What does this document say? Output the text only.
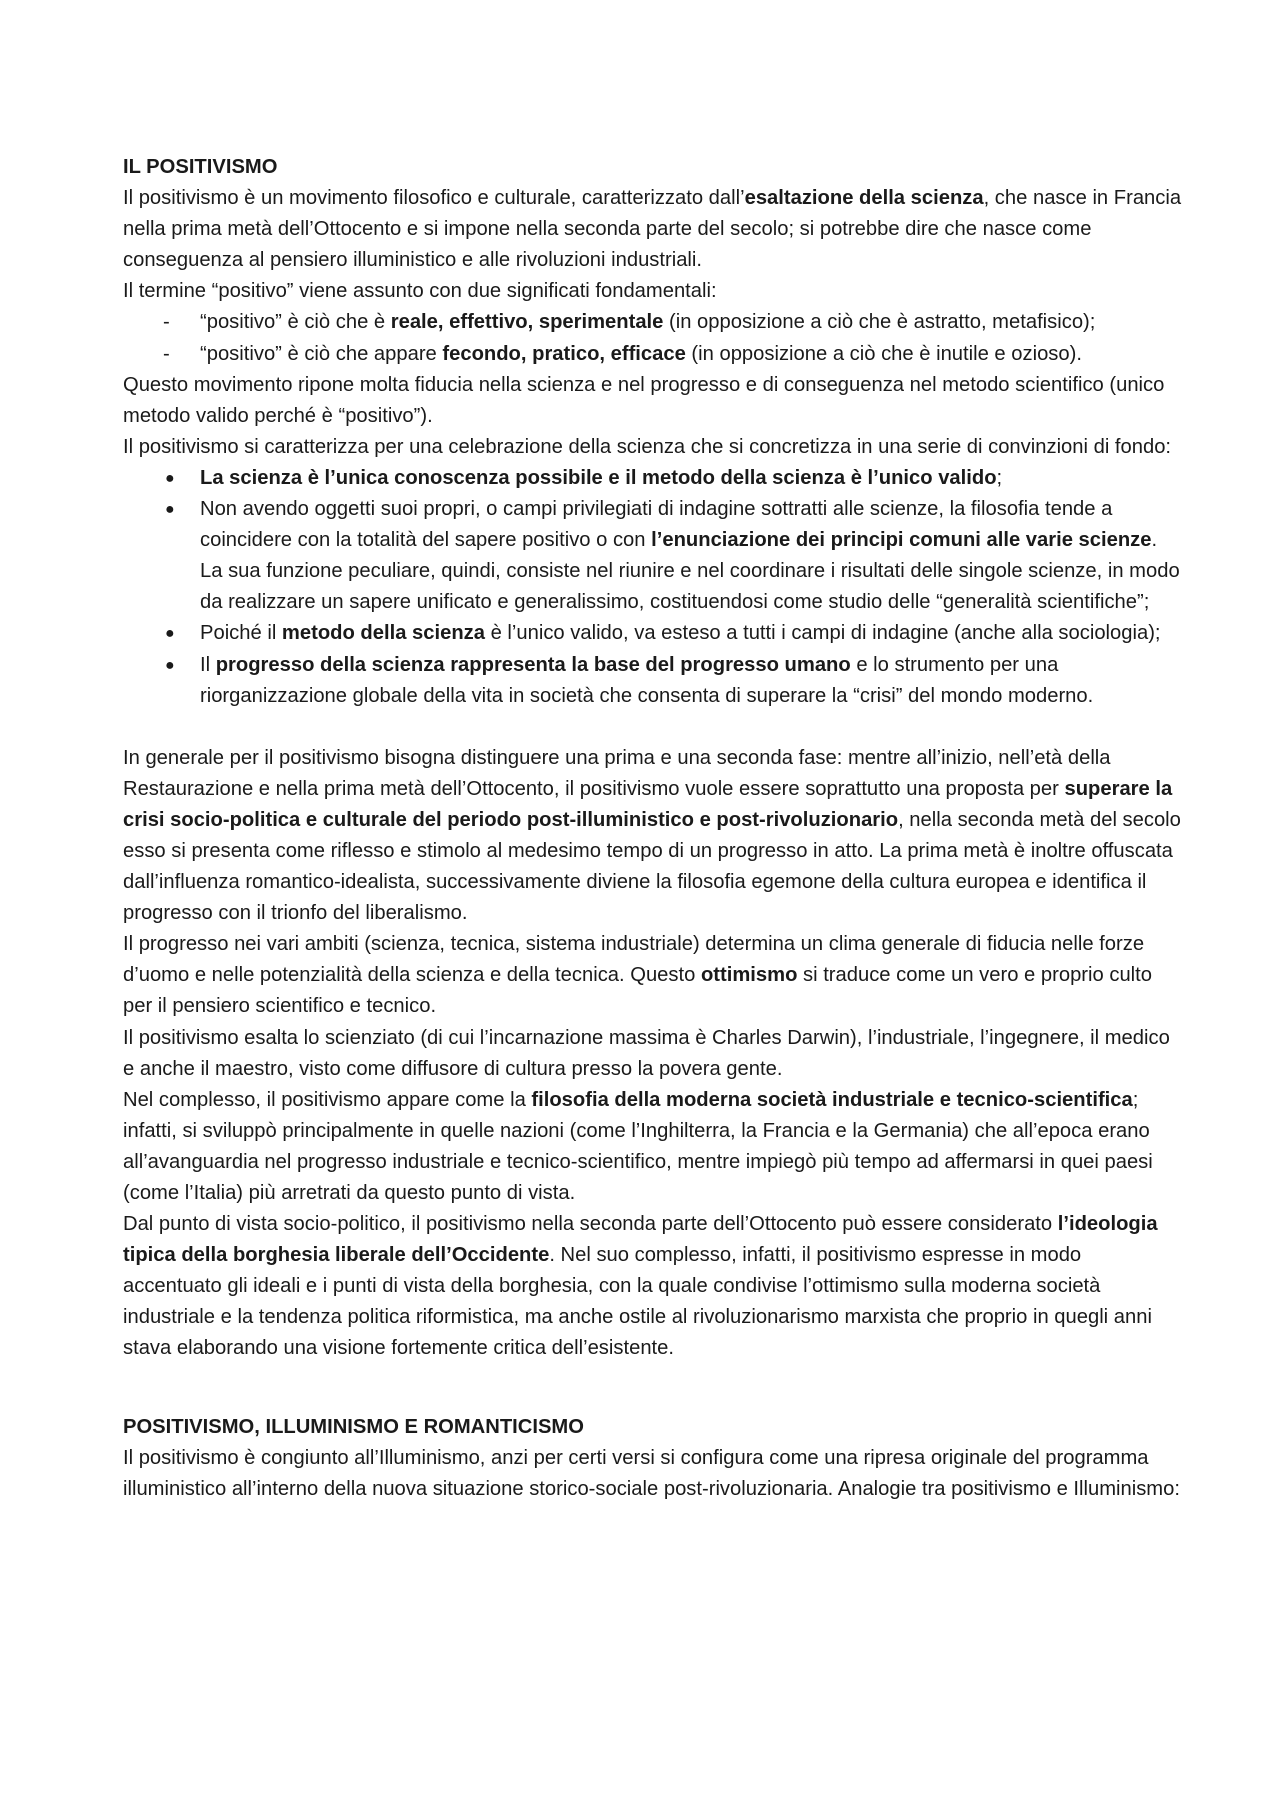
IL POSITIVISMO

Il positivismo è un movimento filosofico e culturale, caratterizzato dall’esaltazione della scienza, che nasce in Francia nella prima metà dell’Ottocento e si impone nella seconda parte del secolo; si potrebbe dire che nasce come conseguenza al pensiero illuministico e alle rivoluzioni industriali.

Il termine “positivo” viene assunto con due significati fondamentali:

- “positivo” è ciò che è reale, effettivo, sperimentale (in opposizione a ciò che è astratto, metafisico);
- “positivo” è ciò che appare fecondo, pratico, efficace (in opposizione a ciò che è inutile e ozioso).

Questo movimento ripone molta fiducia nella scienza e nel progresso e di conseguenza nel metodo scientifico (unico metodo valido perché è “positivo”).

Il positivismo si caratterizza per una celebrazione della scienza che si concretizza in una serie di convinzioni di fondo:

● La scienza è l’unica conoscenza possibile e il metodo della scienza è l’unico valido;
● Non avendo oggetti suoi propri, o campi privilegiati di indagine sottratti alle scienze, la filosofia tende a coincidere con la totalità del sapere positivo o con l’enunciazione dei principi comuni alle varie scienze. La sua funzione peculiare, quindi, consiste nel riunire e nel coordinare i risultati delle singole scienze, in modo da realizzare un sapere unificato e generalissimo, costituendosi come studio delle “generalità scientifiche”;
● Poiché il metodo della scienza è l’unico valido, va esteso a tutti i campi di indagine (anche alla sociologia);
● Il progresso della scienza rappresenta la base del progresso umano e lo strumento per una riorganizzazione globale della vita in società che consenta di superare la “crisi” del mondo moderno.

In generale per il positivismo bisogna distinguere una prima e una seconda fase: mentre all’inizio, nell’età della Restaurazione e nella prima metà dell’Ottocento, il positivismo vuole essere soprattutto una proposta per superare la crisi socio-politica e culturale del periodo post-illuministico e post-rivoluzionario, nella seconda metà del secolo esso si presenta come riflesso e stimolo al medesimo tempo di un progresso in atto. La prima metà è inoltre offuscata dall’influenza romantico-idealista, successivamente diviene la filosofia egemone della cultura europea e identifica il progresso con il trionfo del liberalismo.

Il progresso nei vari ambiti (scienza, tecnica, sistema industriale) determina un clima generale di fiducia nelle forze d’uomo e nelle potenzialità della scienza e della tecnica. Questo ottimismo si traduce come un vero e proprio culto per il pensiero scientifico e tecnico.

Il positivismo esalta lo scienziato (di cui l’incarnazione massima è Charles Darwin), l’industriale, l’ingegnere, il medico e anche il maestro, visto come diffusore di cultura presso la povera gente.

Nel complesso, il positivismo appare come la filosofia della moderna società industriale e tecnico-scientifica; infatti, si sviluppò principalmente in quelle nazioni (come l’Inghilterra, la Francia e la Germania) che all’epoca erano all’avanguardia nel progresso industriale e tecnico-scientifico, mentre impiegò più tempo ad affermarsi in quei paesi (come l’Italia) più arretrati da questo punto di vista.

Dal punto di vista socio-politico, il positivismo nella seconda parte dell’Ottocento può essere considerato l’ideologia tipica della borghesia liberale dell’Occidente. Nel suo complesso, infatti, il positivismo espresse in modo accentuato gli ideali e i punti di vista della borghesia, con la quale condivise l’ottimismo sulla moderna società industriale e la tendenza politica riformistica, ma anche ostile al rivoluzionarismo marxista che proprio in quegli anni stava elaborando una visione fortemente critica dell’esistente.

POSITIVISMO, ILLUMINISMO E ROMANTICISMO

Il positivismo è congiunto all’Illuminismo, anzi per certi versi si configura come una ripresa originale del programma illuministico all’interno della nuova situazione storico-sociale post-rivoluzionaria. Analogie tra positivismo e Illuminismo:
